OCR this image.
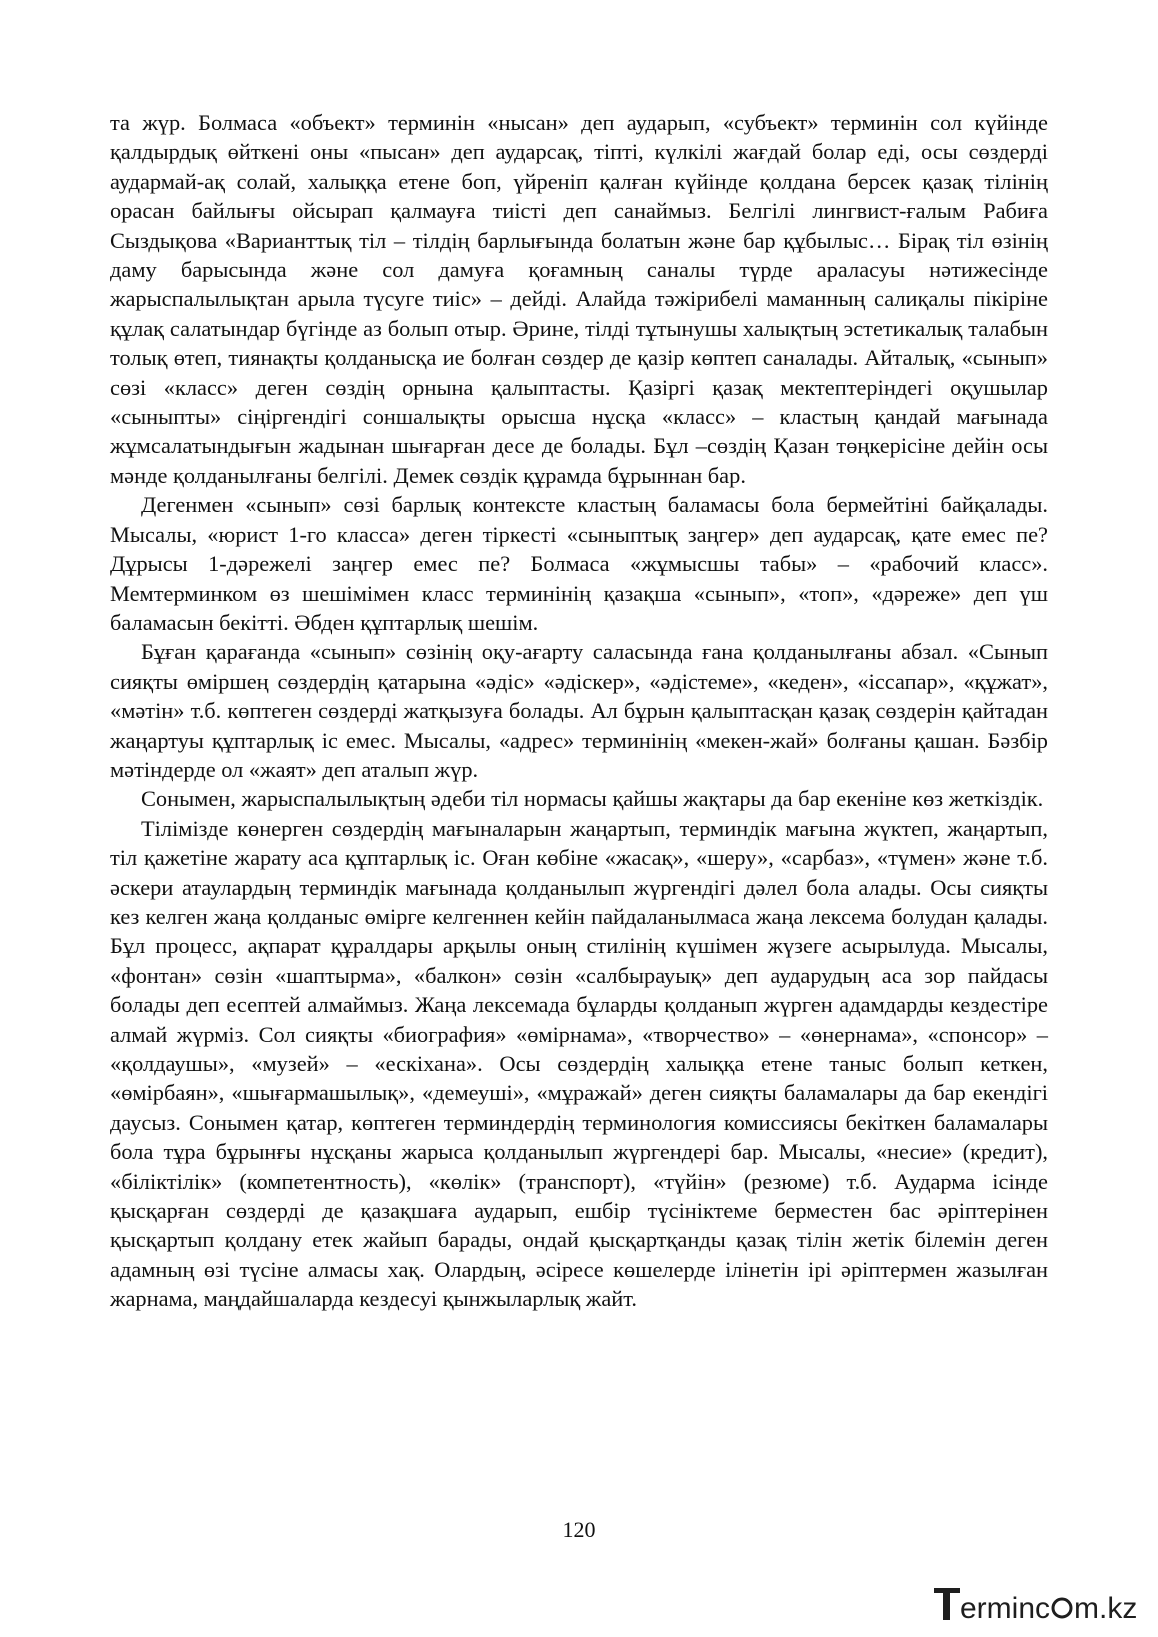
та жүр. Болмаса «объект» терминін «нысан» деп аударып, «субъект» терминін сол күйінде қалдырдық өйткені оны «пысан» деп аударсақ, тіпті, күлкілі жағдай болар еді, осы сөздерді аудармай-ақ солай, халыққа етене боп, үйреніп қалған күйінде қолдана берсек қазақ тілінің орасан байлығы ойсырап қалмауға тиісті деп санаймыз. Белгілі лингвист-ғалым Рабиға Сыздықова «Варианттық тіл – тілдің барлығында болатын және бар құбылыс… Бірақ тіл өзінің даму барысында және сол дамуға қоғамның саналы түрде араласуы нәтижесінде жарыспалылықтан арыла түсуге тиіс» – дейді. Алайда тәжірибелі маманның салиқалы пікіріне құлақ салатындар бүгінде аз болып отыр. Әрине, тілді тұтынушы халықтың эстетикалық талабын толық өтеп, тиянақты қолданысқа ие болған сөздер де қазір көптеп саналады. Айталық, «сынып» сөзі «класс» деген сөздің орнына қалыптасты. Қазіргі қазақ мектептеріндегі оқушылар «сыныпты» сіңіргендігі соншалықты орысша нұсқа «класс» – кластың қандай мағынада жұмсалатындығын жадынан шығарған десе де болады. Бұл –сөздің Қазан төңкерісіне дейін осы мәнде қолданылғаны белгілі. Демек сөздік құрамда бұрыннан бар.

Дегенмен «сынып» сөзі барлық контексте кластың баламасы бола бермейтіні байқалады. Мысалы, «юрист 1-го класса» деген тіркесті «сыныптық заңгер» деп аударсақ, қате емес пе? Дұрысы 1-дәрежелі заңгер емес пе? Болмаса «жұмысшы табы» – «рабочий класс». Мемтерминком өз шешімімен класс терминінің қазақша «сынып», «топ», «дәреже» деп үш баламасын бекітті. Әбден құптарлық шешім.

Бұған қарағанда «сынып» сөзінің оқу-ағарту саласында ғана қолданылғаны абзал. «Сынып сияқты өміршең сөздердің қатарына «әдіс» «әдіскер», «әдістеме», «кеден», «іссапар», «құжат», «мәтін» т.б. көптеген сөздерді жатқызуға болады. Ал бұрын қалыптасқан қазақ сөздерін қайтадан жаңартуы құптарлық іс емес. Мысалы, «адрес» терминінің «мекен-жай» болғаны қашан. Бәзбір мәтіндерде ол «жаят» деп аталып жүр.

Сонымен, жарыспалылықтың әдеби тіл нормасы қайшы жақтары да бар екеніне көз жеткіздік.

Тілімізде көнерген сөздердің мағыналарын жаңартып, терминдік мағына жүктеп, жаңартып, тіл қажетіне жарату аса құптарлық іс. Оған көбіне «жасақ», «шеру», «сарбаз», «түмен» және т.б. әскери атаулардың терминдік мағынада қолданылып жүргендігі дәлел бола алады. Осы сияқты кез келген жаңа қолданыс өмірге келгеннен кейін пайдаланылмаса жаңа лексема болудан қалады. Бұл процесс, ақпарат құралдары арқылы оның стилінің күшімен жүзеге асырылуда. Мысалы, «фонтан» сөзін «шаптырма», «балкон» сөзін «салбырауық» деп аударудың аса зор пайдасы болады деп есептей алмаймыз. Жаңа лексемада бұларды қолданып жүрген адамдарды кездестіре алмай жүрміз. Сол сияқты «биография» «өмірнама», «творчество» – «өнернама», «спонсор» – «қолдаушы», «музей» – «ескіхана». Осы сөздердің халыққа етене таныс болып кеткен, «өмірбаян», «шығармашылық», «демеуші», «мұражай» деген сияқты баламалары да бар екендігі даусыз. Сонымен қатар, көптеген терминдердің терминология комиссиясы бекіткен баламалары бола тұра бұрынғы нұсқаны жарыса қолданылып жүргендері бар. Мысалы, «несие» (кредит), «біліктілік» (компетентность), «көлік» (транспорт), «түйін» (резюме) т.б. Аударма ісінде қысқарған сөздерді де қазақшаға аударып, ешбір түсініктеме берместен бас әріптерінен қысқартып қолдану етек жайып барады, ондай қысқартқанды қазақ тілін жетік білемін деген адамның өзі түсіне алмасы хақ. Олардың, әсіресе көшелерде ілінетін ірі әріптермен жазылған жарнама, маңдайшаларда кездесуі қынжыларлық жайт.

120
erminc m.kz
